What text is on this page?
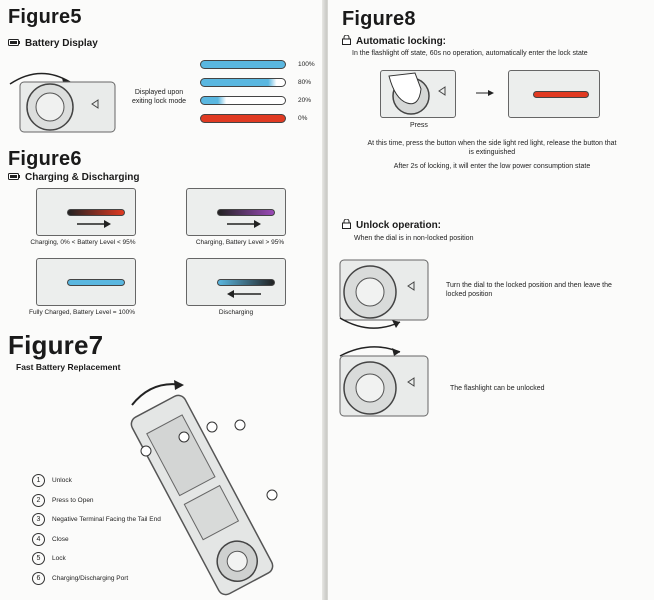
Figure5
Battery Display
Displayed upon exiting lock mode
100%
80%
20%
0%
Figure6
Charging & Discharging
Charging, 0% < Battery Level < 95%	Charging, Battery Level > 95%
Fully Charged, Battery Level = 100%	Discharging
Figure7
Fast Battery Replacement
1	Unlock
2	Press to Open
3	Negative Terminal Facing the Tail End
4	Close
5	Lock
6	Charging/Discharging Port
Figure8
Automatic locking:
In the flashlight off state, 60s no operation, automatically enter the lock state
Press
At this time, press the button when the side light red light, release the button that is extinguished
After 2s of locking, it will enter the low power consumption state
Unlock operation:
When the dial is in non-locked position
Turn the dial to the locked position and then leave the locked position
The flashlight can be unlocked
